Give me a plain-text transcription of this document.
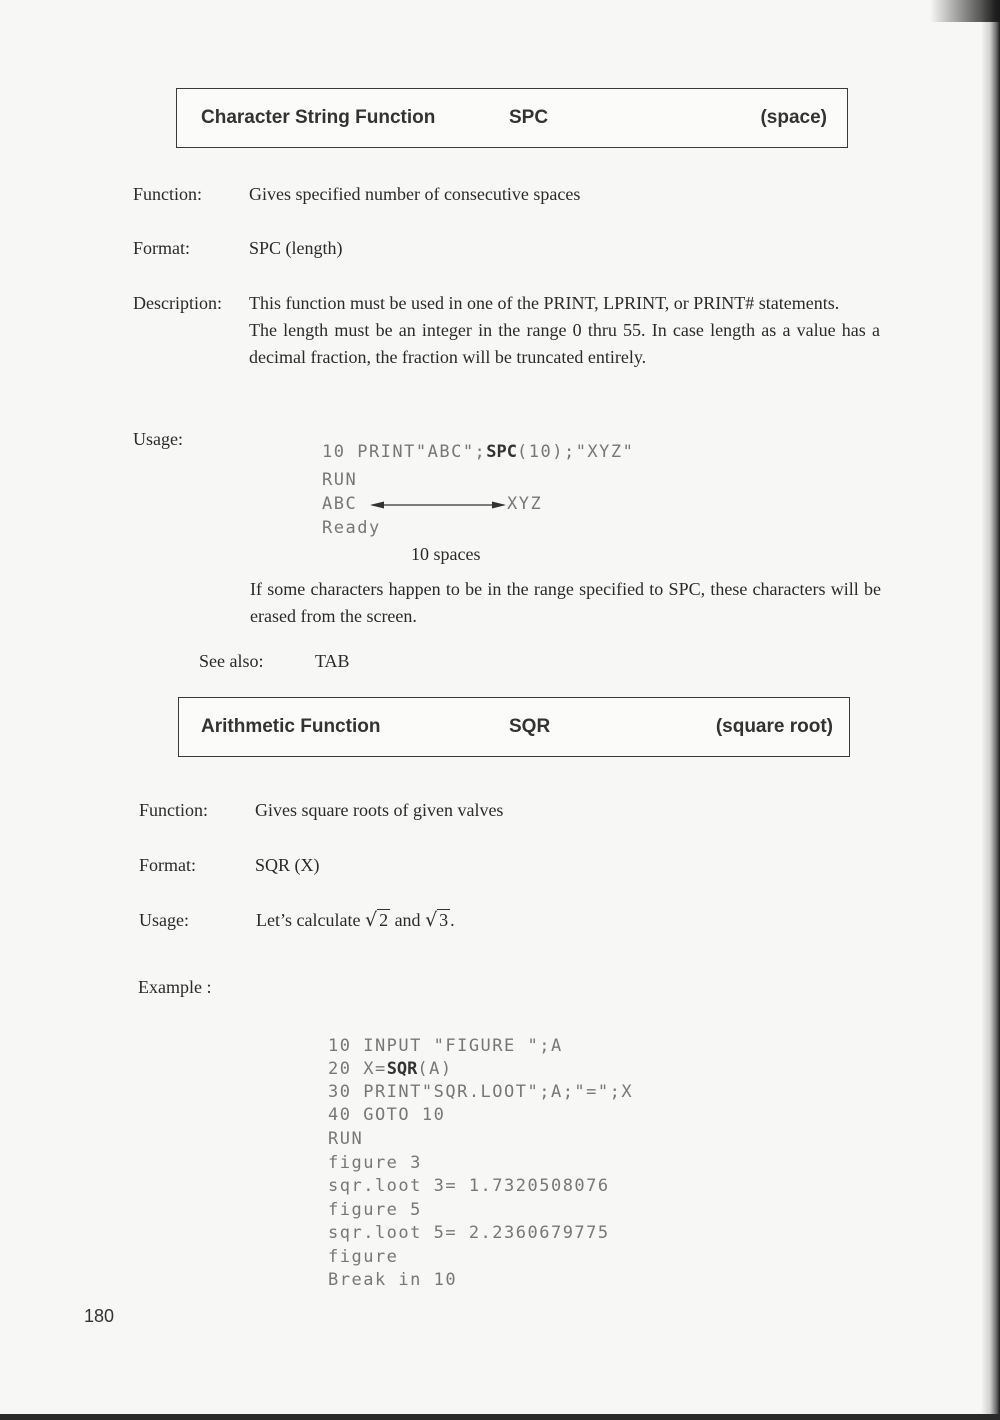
Character String Function	SPC	(space)
Function:	Gives specified number of consecutive spaces
Format:	SPC (length)
Description: This function must be used in one of the PRINT, LPRINT, or PRINT# statements.

The length must be an integer in the range 0 thru 55. In case length as a value has a decimal fraction, the fraction will be truncated entirely.

Usage:
10 PRINT"ABC";SPC(10);"XYZ"
RUN
ABC	XYZ
Ready
10 spaces
If some characters happen to be in the range specified to SPC, these characters will be erased from the screen.
See also:	TAB
Arithmetic Function	SQR	(square root)
Function:	Gives square roots of given valves
Format:	SQR (X)
Usage:	Let’s calculate √ 2 and √ 3 .
Example :
10 INPUT "FIGURE ";A
20 X=SQR(A)
30 PRINT"SQR.LOOT";A;"=";X
40 GOTO 10
RUN
figure 3
sqr.loot 3= 1.7320508076
figure 5
sqr.loot 5= 2.2360679775
figure
Break in 10
180
